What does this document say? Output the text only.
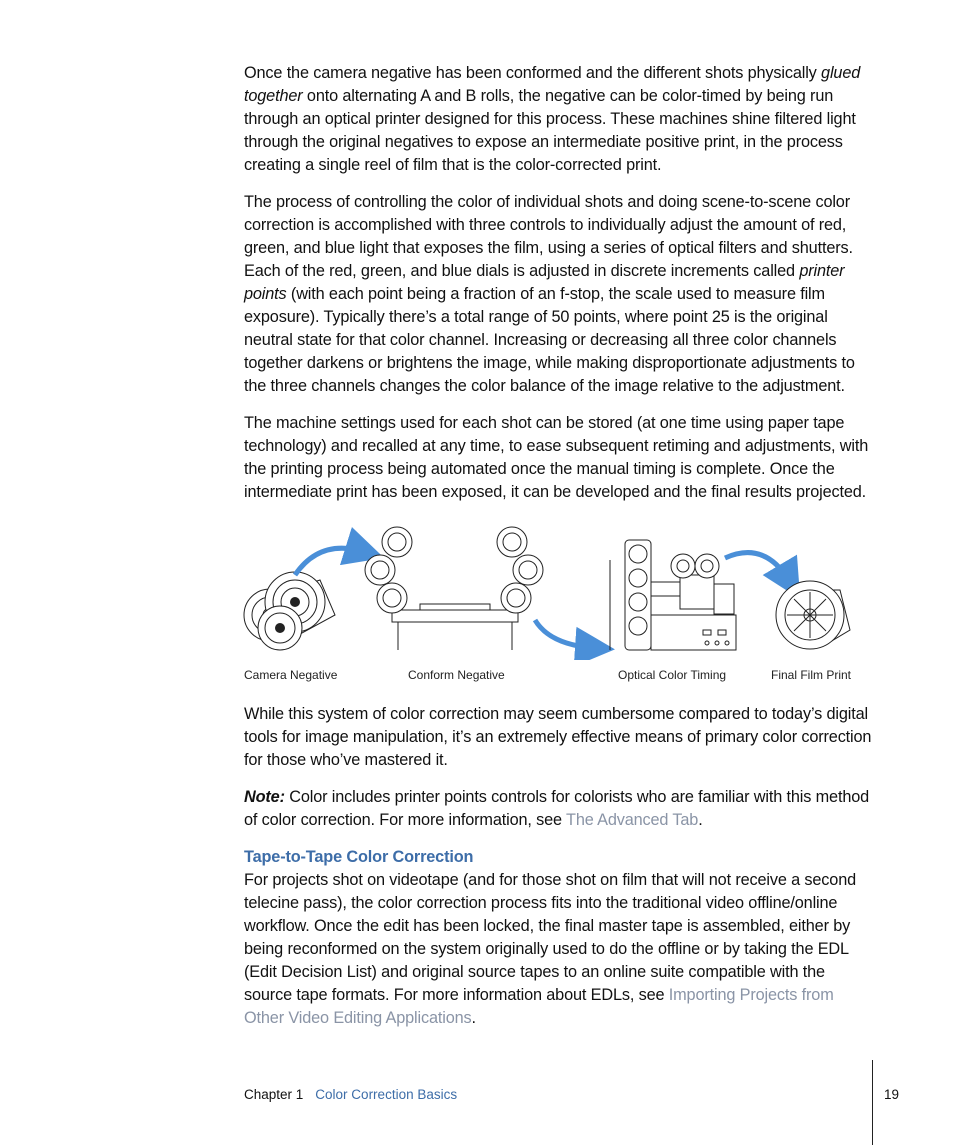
Once the camera negative has been conformed and the different shots physically glued together onto alternating A and B rolls, the negative can be color-timed by being run through an optical printer designed for this process. These machines shine filtered light through the original negatives to expose an intermediate positive print, in the process creating a single reel of film that is the color-corrected print.

The process of controlling the color of individual shots and doing scene-to-scene color correction is accomplished with three controls to individually adjust the amount of red, green, and blue light that exposes the film, using a series of optical filters and shutters. Each of the red, green, and blue dials is adjusted in discrete increments called printer points (with each point being a fraction of an f-stop, the scale used to measure film exposure). Typically there’s a total range of 50 points, where point 25 is the original neutral state for that color channel. Increasing or decreasing all three color channels together darkens or brightens the image, while making disproportionate adjustments to the three channels changes the color balance of the image relative to the adjustment.

The machine settings used for each shot can be stored (at one time using paper tape technology) and recalled at any time, to ease subsequent retiming and adjustments, with the printing process being automated once the manual timing is complete. Once the intermediate print has been exposed, it can be developed and the final results projected.

Camera Negative	Conform Negative	Optical Color Timing	Final Film Print

While this system of color correction may seem cumbersome compared to today’s digital tools for image manipulation, it’s an extremely effective means of primary color correction for those who’ve mastered it.

Note: Color includes printer points controls for colorists who are familiar with this method of color correction. For more information, see The Advanced Tab.

Tape-to-Tape Color Correction

For projects shot on videotape (and for those shot on film that will not receive a second telecine pass), the color correction process fits into the traditional video offline/online workflow. Once the edit has been locked, the final master tape is assembled, either by being reconformed on the system originally used to do the offline or by taking the EDL (Edit Decision List) and original source tapes to an online suite compatible with the source tape formats. For more information about EDLs, see Importing Projects from Other Video Editing Applications.

Chapter 1 Color Correction Basics	19
